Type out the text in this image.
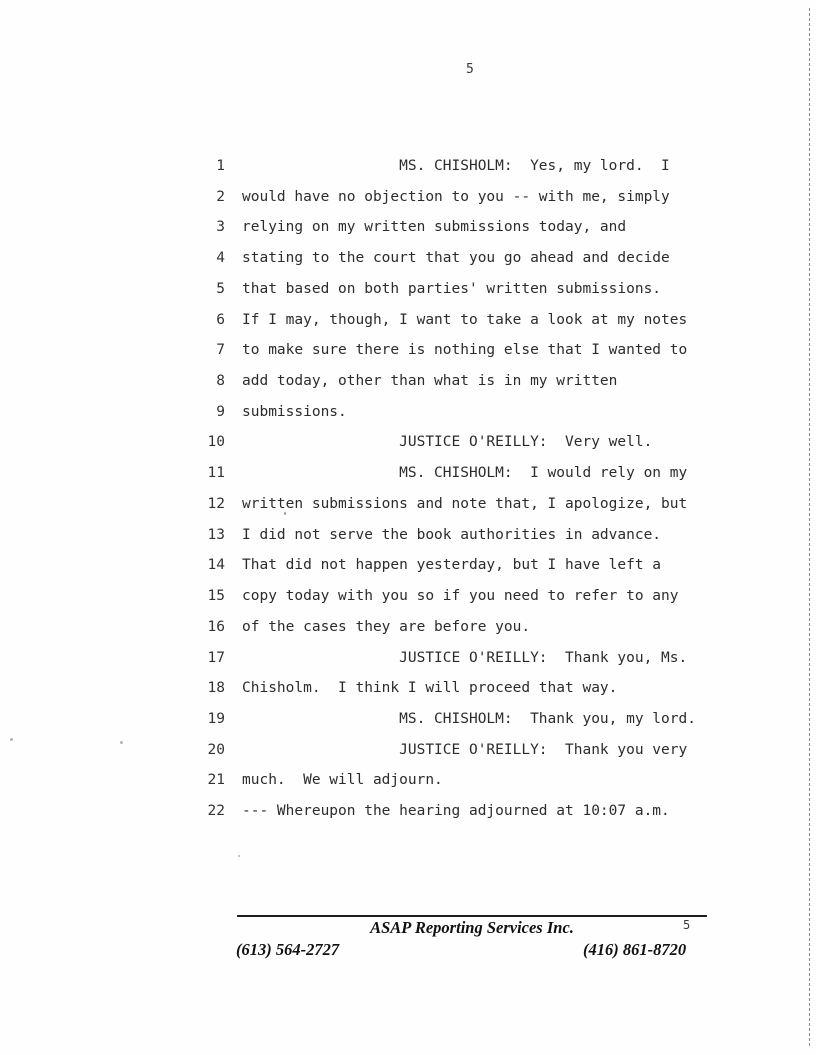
5
1 MS. CHISHOLM:  Yes, my lord.  I
2 would have no objection to you -- with me, simply
3 relying on my written submissions today, and
4 stating to the court that you go ahead and decide
5 that based on both parties' written submissions.
6 If I may, though, I want to take a look at my notes
7 to make sure there is nothing else that I wanted to
8 add today, other than what is in my written
9 submissions.
10 JUSTICE O'REILLY:  Very well.
11 MS. CHISHOLM:  I would rely on my
12 written submissions and note that, I apologize, but
13 I did not serve the book authorities in advance.
14 That did not happen yesterday, but I have left a
15 copy today with you so if you need to refer to any
16 of the cases they are before you.
17 JUSTICE O'REILLY:  Thank you, Ms.
18 Chisholm.  I think I will proceed that way.
19 MS. CHISHOLM:  Thank you, my lord.
20 JUSTICE O'REILLY:  Thank you very
21 much.  We will adjourn.
22 --- Whereupon the hearing adjourned at 10:07 a.m.
ASAP Reporting Services Inc.	5
(613) 564-2727	(416) 861-8720
